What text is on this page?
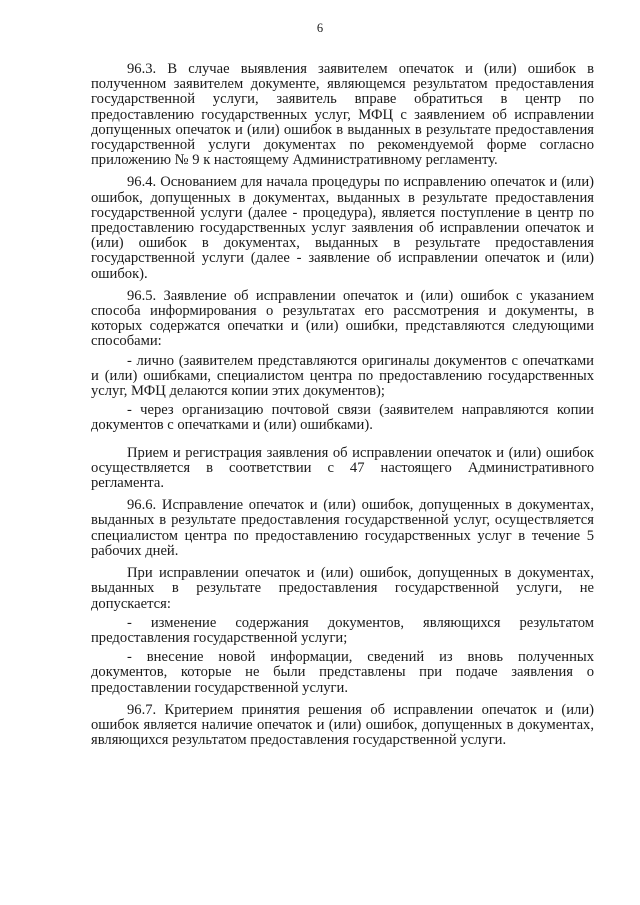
6

96.3. В случае выявления заявителем опечаток и (или) ошибок в полученном заявителем документе, являющемся результатом предоставления государственной услуги, заявитель вправе обратиться в центр по предоставлению государственных услуг, МФЦ с заявлением об исправлении допущенных опечаток и (или) ошибок в выданных в результате предоставления государственной услуги документах по рекомендуемой форме согласно приложению № 9 к настоящему Административному регламенту.

96.4. Основанием для начала процедуры по исправлению опечаток и (или) ошибок, допущенных в документах, выданных в результате предоставления государственной услуги (далее - процедура), является поступление в центр по предоставлению государственных услуг заявления об исправлении опечаток и (или) ошибок в документах, выданных в результате предоставления государственной услуги (далее - заявление об исправлении опечаток и (или) ошибок).

96.5. Заявление об исправлении опечаток и (или) ошибок с указанием способа информирования о результатах его рассмотрения и документы, в которых содержатся опечатки и (или) ошибки, представляются следующими способами:

- лично (заявителем представляются оригиналы документов с опечатками и (или) ошибками, специалистом центра по предоставлению государственных услуг, МФЦ делаются копии этих документов);

- через организацию почтовой связи (заявителем направляются копии документов с опечатками и (или) ошибками).

Прием и регистрация заявления об исправлении опечаток и (или) ошибок осуществляется в соответствии с 47 настоящего Административного регламента.

96.6. Исправление опечаток и (или) ошибок, допущенных в документах, выданных в результате предоставления государственной услуг, осуществляется специалистом центра по предоставлению государственных услуг в течение 5 рабочих дней.

При исправлении опечаток и (или) ошибок, допущенных в документах, выданных в результате предоставления государственной услуги, не допускается:

- изменение содержания документов, являющихся результатом предоставления государственной услуги;

- внесение новой информации, сведений из вновь полученных документов, которые не были представлены при подаче заявления о предоставлении государственной услуги.

96.7. Критерием принятия решения об исправлении опечаток и (или) ошибок является наличие опечаток и (или) ошибок, допущенных в документах, являющихся результатом предоставления государственной услуги.
